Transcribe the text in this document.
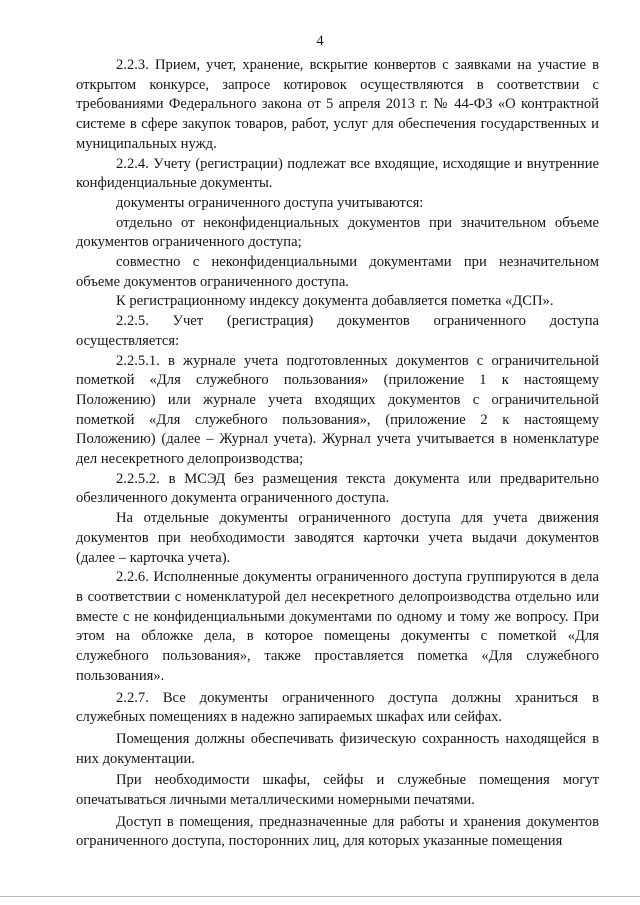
4

2.2.3. Прием, учет, хранение, вскрытие конвертов с заявками на участие в открытом конкурсе, запросе котировок осуществляются в соответствии с требованиями Федерального закона от 5 апреля 2013 г. № 44-ФЗ «О контрактной системе в сфере закупок товаров, работ, услуг для обеспечения государственных и муниципальных нужд.

2.2.4. Учету (регистрации) подлежат все входящие, исходящие и внутренние конфиденциальные документы.

документы ограниченного доступа учитываются:

отдельно от неконфиденциальных документов при значительном объеме документов ограниченного доступа;

совместно с неконфиденциальными документами при незначительном объеме документов ограниченного доступа.

К регистрационному индексу документа добавляется пометка «ДСП».

2.2.5. Учет (регистрация) документов ограниченного доступа осуществляется:

2.2.5.1. в журнале учета подготовленных документов с ограничительной пометкой «Для служебного пользования» (приложение 1 к настоящему Положению) или журнале учета входящих документов с ограничительной пометкой «Для служебного пользования», (приложение 2 к настоящему Положению) (далее – Журнал учета). Журнал учета учитывается в номенклатуре дел несекретного делопроизводства;

2.2.5.2. в МСЭД без размещения текста документа или предварительно обезличенного документа ограниченного доступа.

На отдельные документы ограниченного доступа для учета движения документов при необходимости заводятся карточки учета выдачи документов (далее – карточка учета).

2.2.6. Исполненные документы ограниченного доступа группируются в дела в соответствии с номенклатурой дел несекретного делопроизводства отдельно или вместе с не конфиденциальными документами по одному и тому же вопросу. При этом на обложке дела, в которое помещены документы с пометкой «Для служебного пользования», также проставляется пометка «Для служебного пользования».

2.2.7. Все документы ограниченного доступа должны храниться в служебных помещениях в надежно запираемых шкафах или сейфах.

Помещения должны обеспечивать физическую сохранность находящейся в них документации.

При необходимости шкафы, сейфы и служебные помещения могут опечатываться личными металлическими номерными печатями.

Доступ в помещения, предназначенные для работы и хранения документов ограниченного доступа, посторонних лиц, для которых указанные помещения
